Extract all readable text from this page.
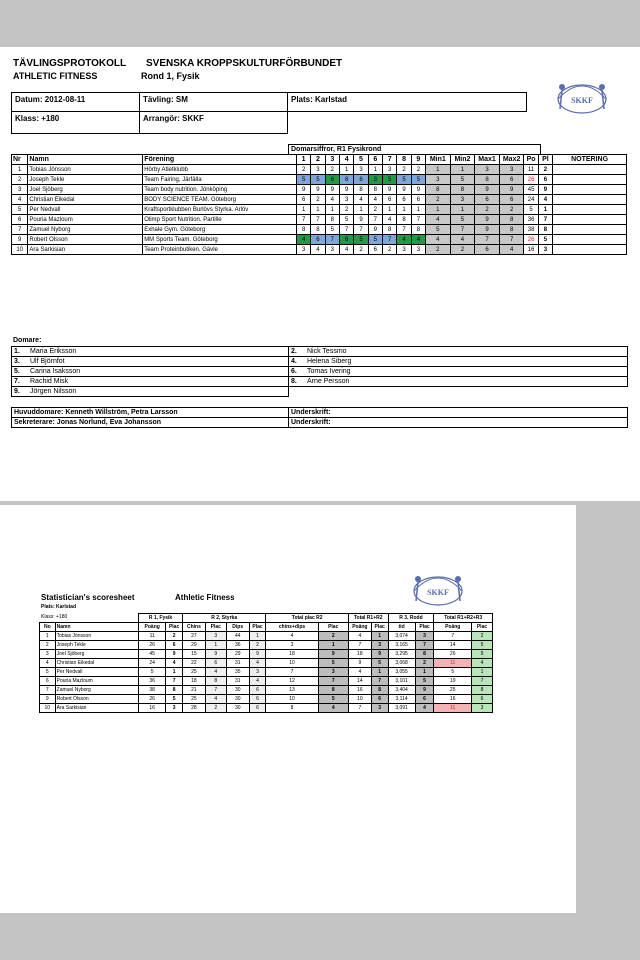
TÄVLINGSPROTOKOLL SVENSKA KROPPSKULTURFÖRBUNDET
ATHLETIC FITNESS	Rond 1, Fysik
SKKF
Datum: 2012-08-11	Tävling: SM	Plats: Karlstad
Klass: +180	Arrangör: SKKF
Domarsiffror, R1 Fysikrond
Nr	Namn	Förening	1	2	3	4	5	6	7	8	9	Min1	Min2	Max1	Max2	Po	Pl	NOTERING
1	Tobias Jönsson	Hörby Atletklubb	2	3	2	1	3	1	3	2	2	1	1	3	3	11	2	
2	Joseph Tekle	Team Fairing, Järfälla	5	5	6	8	6	3	5	5	5	3	5	8	6	26	6	
3	Joel Sjöberg	Team body nutrition. Jönköping	9	9	9	9	8	8	9	9	9	8	8	9	9	45	9	
4	Christian Eikedal	BODY SCIENCE TEAM. Göteborg	6	2	4	3	4	4	6	6	6	2	3	6	6	24	4	
5	Per Nedvall	Kraftsportklubben Burlövs Styrka. Arlöv	1	1	1	2	1	2	1	1	1	1	1	2	2	5	1	
6	Pouria Mazloum	Olimp Sport Nutrition. Partille	7	7	8	5	9	7	4	8	7	4	5	9	8	36	7	
7	Zamuel Nyborg	Exhale Gym. Göteborg	8	8	5	7	7	9	8	7	8	5	7	9	8	38	8	
9	Robert Olsson	MM Sports Team. Göteborg	4	6	7	6	5	5	7	4	4	4	4	7	7	26	5	
10	Ara Sarkisian	Team Proteinbutiken. Gävle	3	4	3	4	2	6	2	3	3	2	2	6	4	16	3	
Domare:
1. Maria Eriksson	2. Nick Tessmo
3. Ulf Björnfot	4. Helena Siberg
5. Carina Isaksson	6. Tomas Ivering
7. Rachid Misk	8. Arne Persson
9. Jörgen Nilsson	
Huvuddomare: Kenneth Willström, Petra Larsson	Underskrift:
Sekreterare: Jonas Norlund, Eva Johansson	Underskrift:
SKKF
Statistician's scoresheet	Athletic Fitness
Plats: Karlstad
Klass: +180
			R 1, Fysik		R 2, Styrka				Total plac R2		Total R1+R2		R 3, Rodd		Total R1+R2+R3	
No	Namn	Poäng	Plac	Chins	Plac	Dips	Plac	chins+dips	Plac	Poäng	Plac	tid	Plac	Poäng	Plac
1	Tobias Jönsson	11	2	27	3	44	1	4	2	4	1	3,074	3	7	2
2	Joseph Tekle	26	6	29	1	36	2	3	1	7	3	3,165	7	14	5
3	Joel Sjöberg	45	9	15	9	29	9	18	9	18	9	3,295	8	26	9
4	Christian Eikedal	24	4	22	6	31	4	10	5	9	5	3,068	2	11	4
5	Per Nedvall	5	1	25	4	35	3	7	3	4	1	3,055	1	5	1
6	Pouria Mazloum	36	7	18	8	31	4	12	7	14	7	3,101	5	19	7
7	Zamuel Nyborg	38	8	21	7	30	6	13	8	16	8	3,404	9	25	8
9	Robert Olsson	26	5	25	4	30	6	10	5	10	6	3,114	6	16	6
10	Ara Sarkisian	16	3	28	2	30	6	8	4	7	3	3,091	4	11	3
